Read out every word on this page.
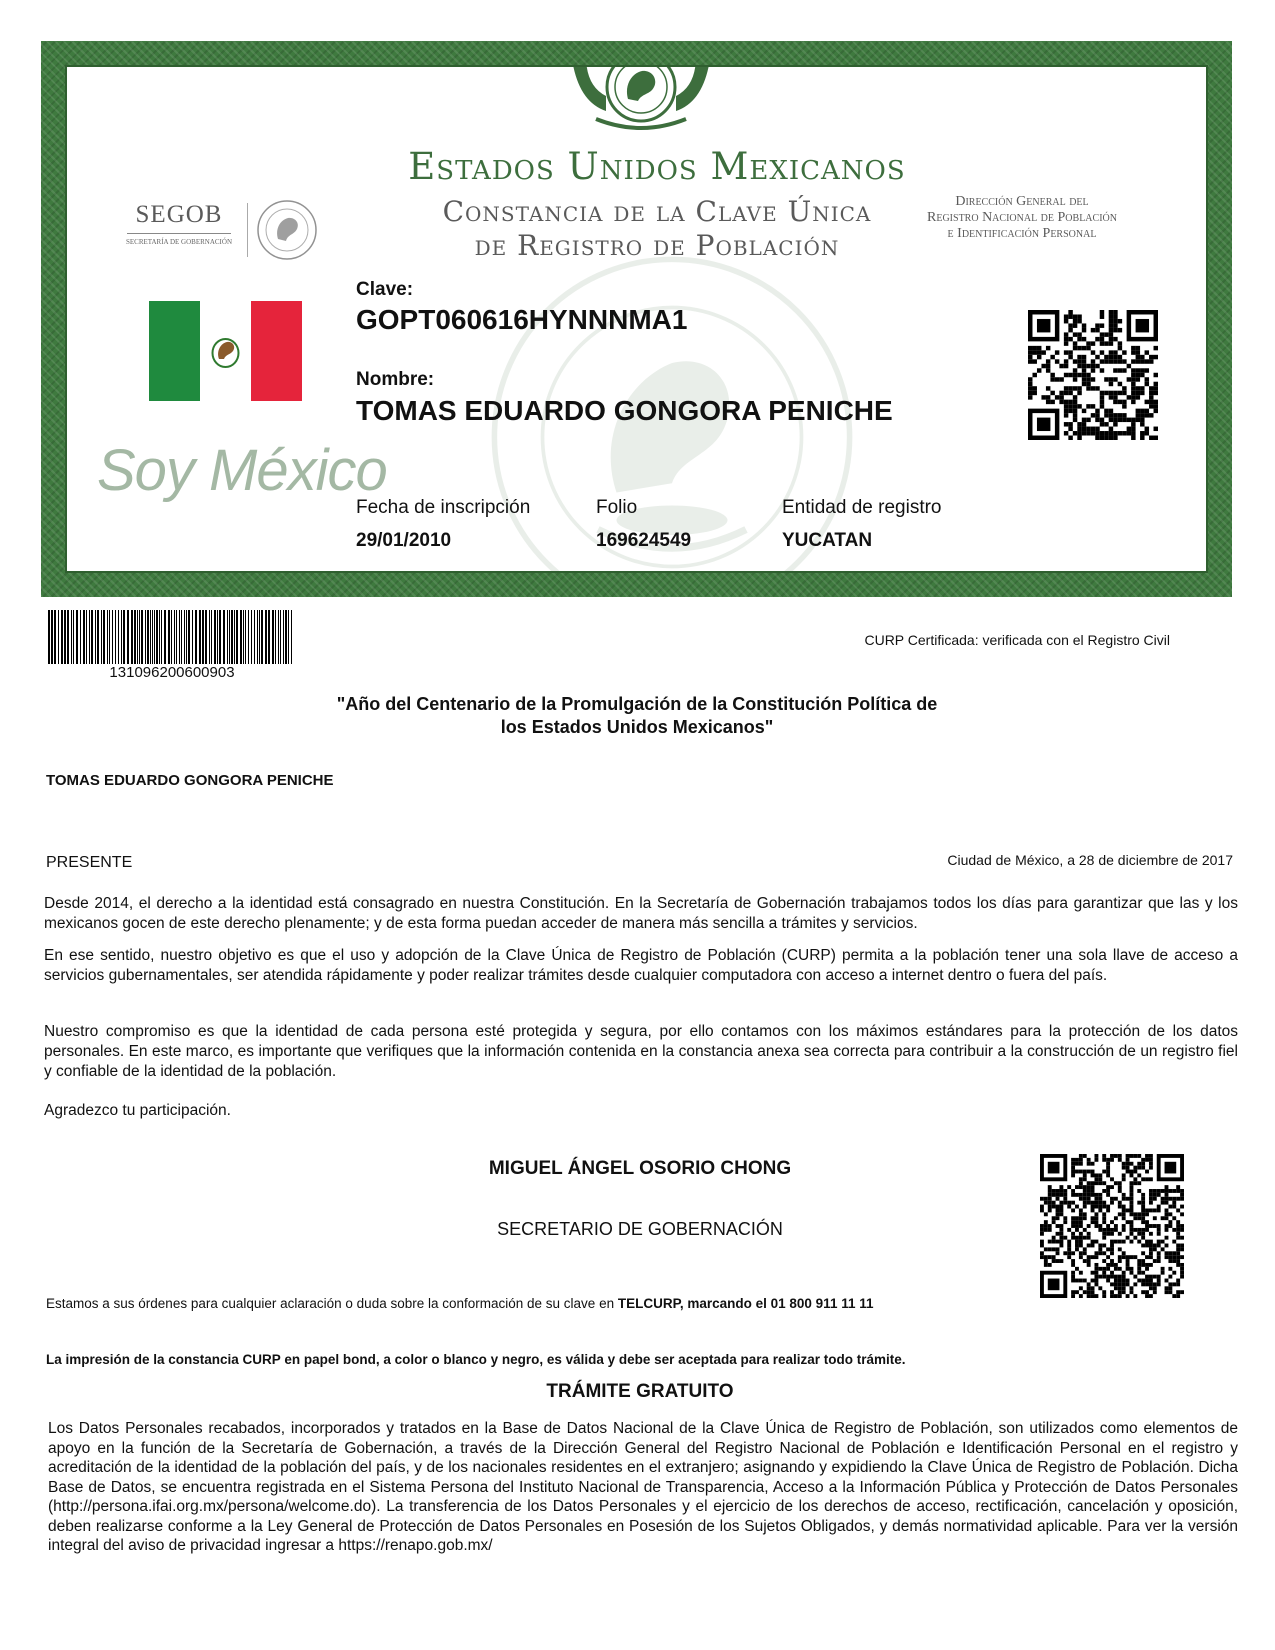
Estados Unidos Mexicanos
Constancia de la Clave Única
de Registro de Población
SEGOB
SECRETARÍA DE GOBERNACIÓN
Dirección General del
Registro Nacional de Población
e Identificación Personal
Soy México
Clave:
GOPT060616HYNNNMA1
Nombre:
TOMAS EDUARDO GONGORA PENICHE
Fecha de inscripción
29/01/2010
Folio
169624549
Entidad de registro
YUCATAN
131096200600903
CURP Certificada: verificada con el Registro Civil
"Año del Centenario de la Promulgación de la Constitución Política de
los Estados Unidos Mexicanos"
TOMAS EDUARDO GONGORA PENICHE
PRESENTE	Ciudad de México, a 28 de diciembre de 2017
Desde 2014, el derecho a la identidad está consagrado en nuestra Constitución. En la Secretaría de Gobernación trabajamos todos los días para garantizar que las y los mexicanos gocen de este derecho plenamente; y de esta forma puedan acceder de manera más sencilla a trámites y servicios.
En ese sentido, nuestro objetivo es que el uso y adopción de la Clave Única de Registro de Población (CURP) permita a la población tener una sola llave de acceso a servicios gubernamentales, ser atendida rápidamente y poder realizar trámites desde cualquier computadora con acceso a internet dentro o fuera del país.
Nuestro compromiso es que la identidad de cada persona esté protegida y segura, por ello contamos con los máximos estándares para la protección de los datos personales. En este marco, es importante que verifiques que la información contenida en la constancia anexa sea correcta para contribuir a la construcción de un registro fiel y confiable de la identidad de la población.
Agradezco tu participación.
MIGUEL ÁNGEL OSORIO CHONG
SECRETARIO DE GOBERNACIÓN
Estamos a sus órdenes para cualquier aclaración o duda sobre la conformación de su clave en TELCURP, marcando el 01 800 911 11 11
La impresión de la constancia CURP en papel bond, a color o blanco y negro, es válida y debe ser aceptada para realizar todo trámite.
TRÁMITE GRATUITO
Los Datos Personales recabados, incorporados y tratados en la Base de Datos Nacional de la Clave Única de Registro de Población, son utilizados como elementos de apoyo en la función de la Secretaría de Gobernación, a través de la Dirección General del Registro Nacional de Población e Identificación Personal en el registro y acreditación de la identidad de la población del país, y de los nacionales residentes en el extranjero; asignando y expidiendo la Clave Única de Registro de Población. Dicha Base de Datos, se encuentra registrada en el Sistema Persona del Instituto Nacional de Transparencia, Acceso a la Información Pública y Protección de Datos Personales (http://persona.ifai.org.mx/persona/welcome.do). La transferencia de los Datos Personales y el ejercicio de los derechos de acceso, rectificación, cancelación y oposición, deben realizarse conforme a la Ley General de Protección de Datos Personales en Posesión de los Sujetos Obligados, y demás normatividad aplicable. Para ver la versión integral del aviso de privacidad ingresar a https://renapo.gob.mx/
